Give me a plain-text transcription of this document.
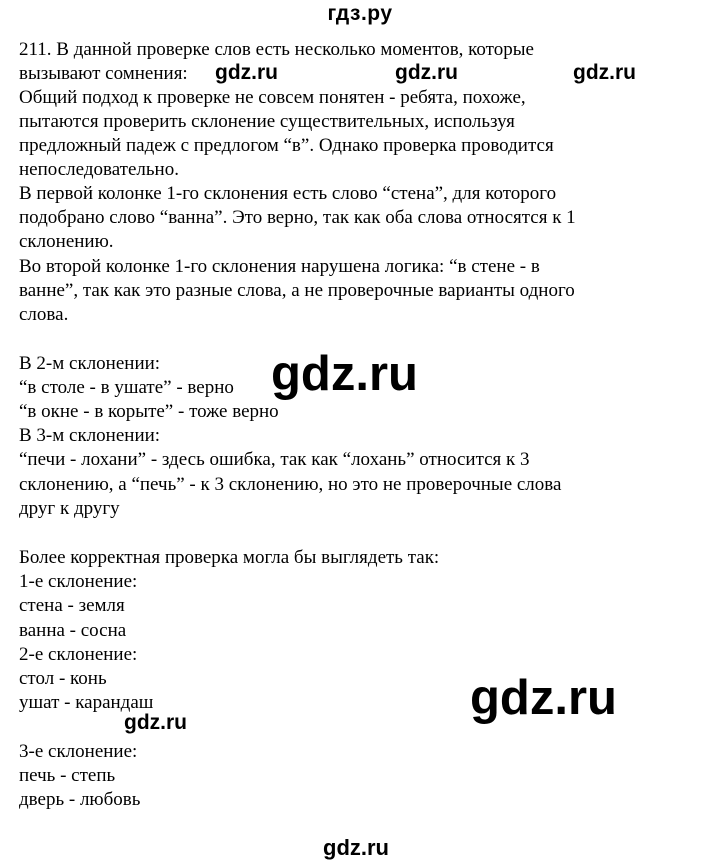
гдз.ру
211. В данной проверке слов есть несколько моментов, которые
вызывают сомнения:
Общий подход к проверке не совсем понятен - ребята, похоже,
пытаются проверить склонение существительных, используя
предложный падеж с предлогом “в”. Однако проверка проводится
непоследовательно.
В первой колонке 1-го склонения есть слово “стена”, для которого
подобрано слово “ванна”. Это верно, так как оба слова относятся к 1
склонению.
Во второй колонке 1-го склонения нарушена логика: “в стене - в
ванне”, так как это разные слова, а не проверочные варианты одного
слова.
В 2-м склонении:
“в столе - в ушате” - верно
“в окне - в корыте” - тоже верно
В 3-м склонении:
“печи - лохани” - здесь ошибка, так как “лохань” относится к 3
склонению, а “печь” - к 3 склонению, но это не проверочные слова
друг к другу
Более корректная проверка могла бы выглядеть так:
1-е склонение:
стена - земля
ванна - сосна
2-е склонение:
стол - конь
ушат - карандаш
3-е склонение:
печь - степь
дверь - любовь
gdz.ru	gdz.ru	gdz.ru
gdz.ru
gdz.ru
gdz.ru
gdz.ru
